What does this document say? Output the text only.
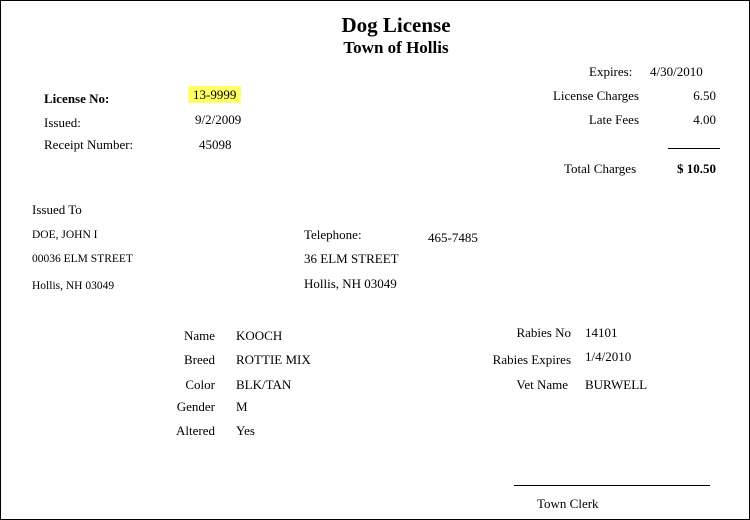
Dog License
Town of Hollis
License No:	13-9999
Issued:	9/2/2009
Receipt Number:	45098
Expires: 4/30/2010
License Charges	6.50
Late Fees	4.00
Total Charges	$ 10.50
Issued To
DOE, JOHN I
00036 ELM STREET
Hollis, NH 03049
Telephone:	465-7485
36 ELM STREET
Hollis, NH 03049
Name KOOCH
Breed ROTTIE MIX
Color BLK/TAN
Gender M
Altered Yes
Rabies No 14101
Rabies Expires 1/4/2010
Vet Name BURWELL
Town Clerk
